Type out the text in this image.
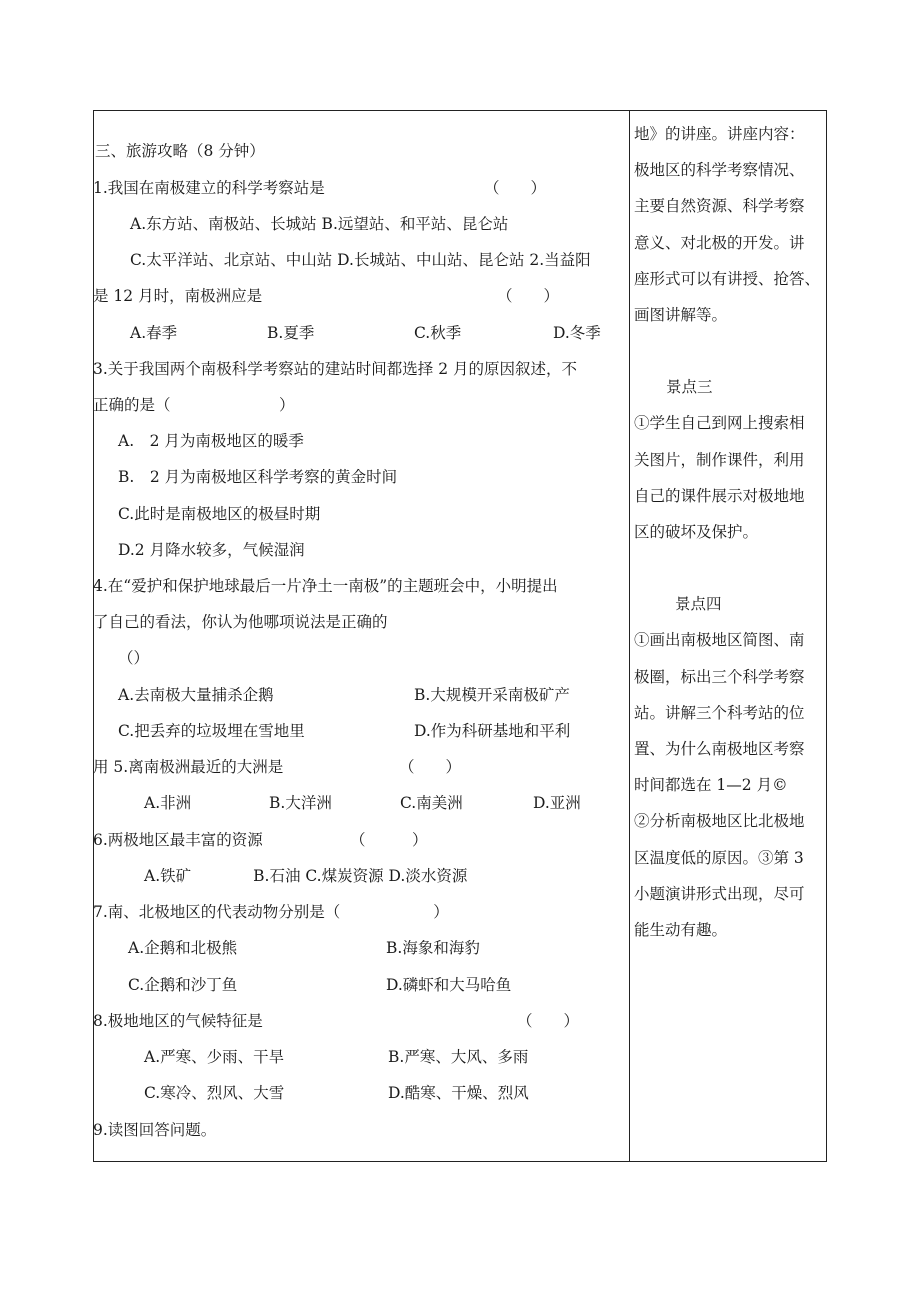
三、旅游攻略（8 分钟）
1.我国在南极建立的科学考察站是	（　　）
A.东方站、南极站、长城站 B.远望站、和平站、昆仑站
C.太平洋站、北京站、中山站 D.长城站、中山站、昆仑站 2.当益阳
是 12 月时，南极洲应是	（　　）
A.春季	B.夏季	C.秋季	D.冬季
3.关于我国两个南极科学考察站的建站时间都选择 2 月的原因叙述，不
正确的是（　　　　　　　）
A.　2 月为南极地区的暖季
B.　2 月为南极地区科学考察的黄金时间
C.此时是南极地区的极昼时期
D.2 月降水较多，气候湿润
4.在“爱护和保护地球最后一片净土一南极”的主题班会中，小明提出
了自己的看法，你认为他哪项说法是正确的
（）
A.去南极大量捕杀企鹅	B.大规模开采南极矿产
C.把丢弃的垃圾埋在雪地里	D.作为科研基地和平利
用 5.离南极洲最近的大洲是	（　　）
A.非洲	B.大洋洲	C.南美洲	D.亚洲
6.两极地区最丰富的资源	（　　　）
A.铁矿　　　　B.石油 C.煤炭资源 D.淡水资源
7.南、北极地区的代表动物分别是（　　　　　　）
A.企鹅和北极熊	B.海象和海豹
C.企鹅和沙丁鱼	D.磷虾和大马哈鱼
8.极地地区的气候特征是	（　　）
A.严寒、少雨、干旱	B.严寒、大风、多雨
C.寒冷、烈风、大雪	D.酷寒、干燥、烈风
9.读图回答问题。
地》的讲座。讲座内容：
极地区的科学考察情况、
主要自然资源、科学考察
意义、对北极的开发。讲
座形式可以有讲授、抢答、
画图讲解等。
景点三
①学生自己到网上搜索相
关图片，制作课件，利用
自己的课件展示对极地地
区的破坏及保护。
景点四
①画出南极地区简图、南
极圈，标出三个科学考察
站。讲解三个科考站的位
置、为什么南极地区考察
时间都选在 1—2 月©
②分析南极地区比北极地
区温度低的原因。③第 3
小题演讲形式出现，尽可
能生动有趣。
